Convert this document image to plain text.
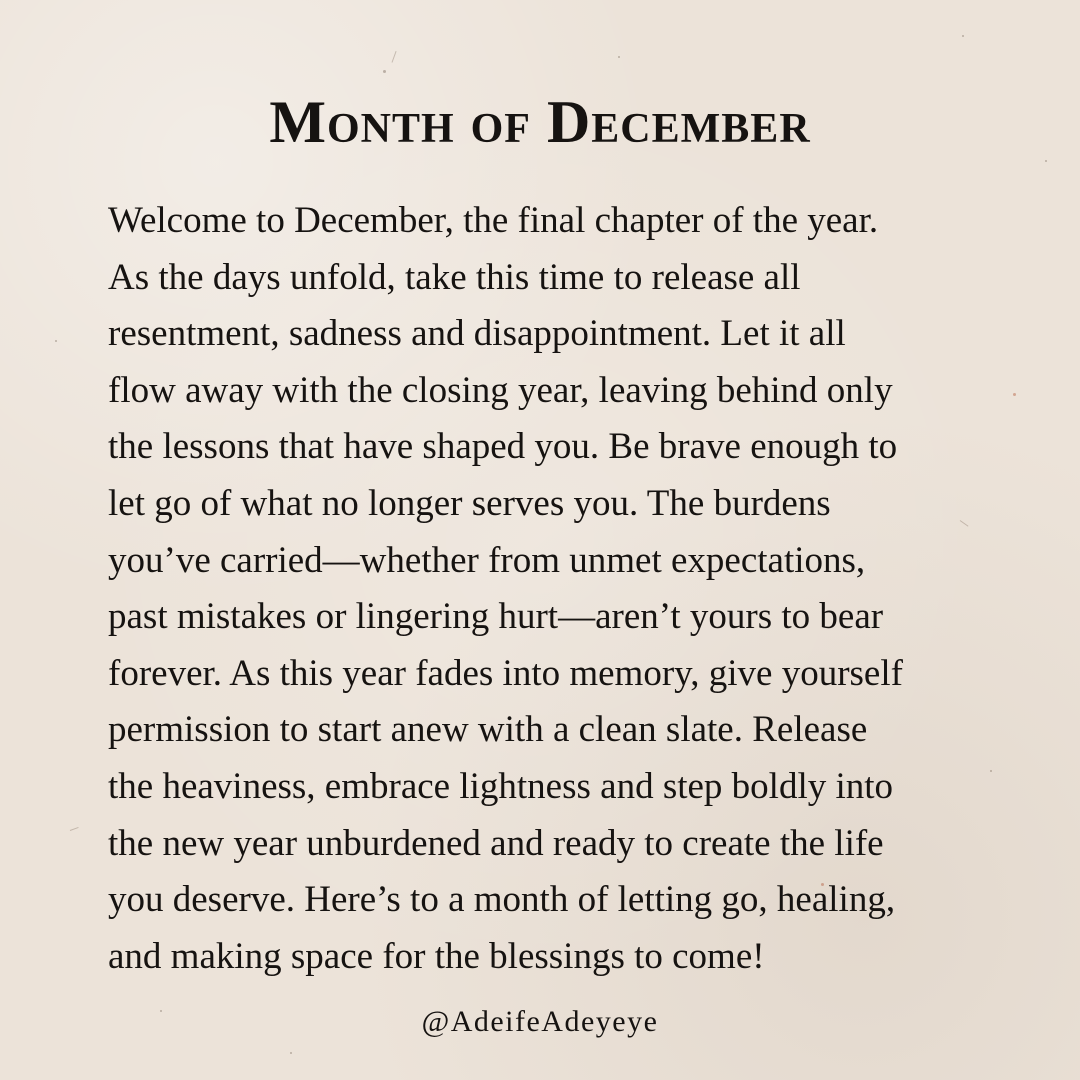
Month of December
Welcome to December, the final chapter of the year.
As the days unfold, take this time to release all
resentment, sadness and disappointment. Let it all
flow away with the closing year, leaving behind only
the lessons that have shaped you. Be brave enough to
let go of what no longer serves you. The burdens
you’ve carried—whether from unmet expectations,
past mistakes or lingering hurt—aren’t yours to bear
forever. As this year fades into memory, give yourself
permission to start anew with a clean slate. Release
the heaviness, embrace lightness and step boldly into
the new year unburdened and ready to create the life
you deserve. Here’s to a month of letting go, healing,
and making space for the blessings to come!

@AdeifeAdeyeye
